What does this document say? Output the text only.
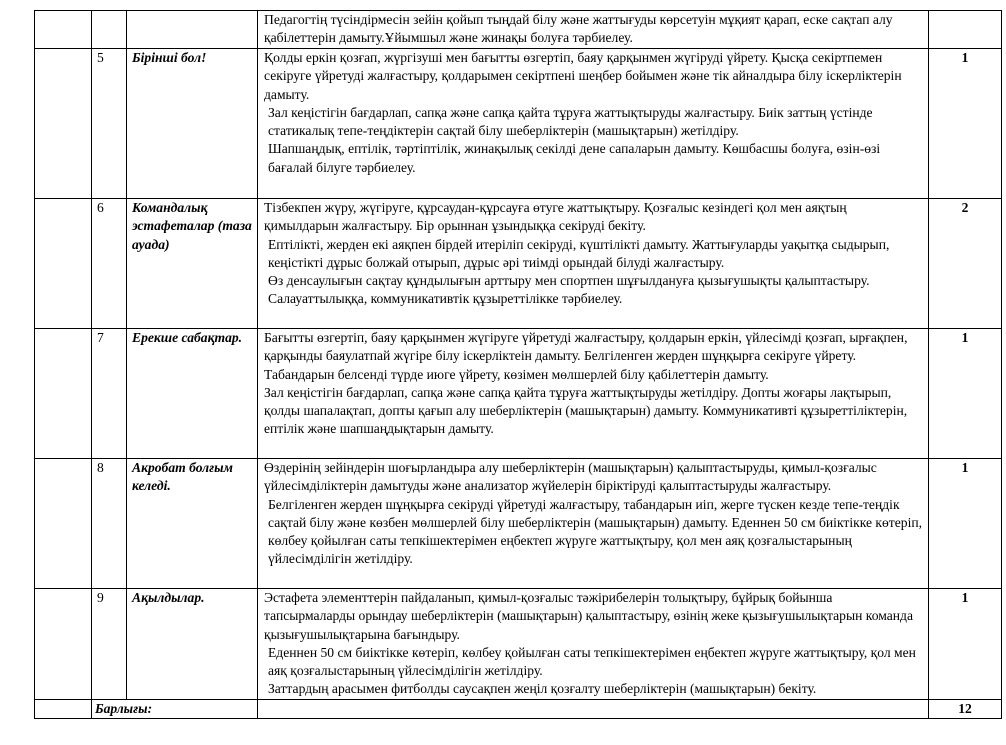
			Педагогтің түсіндірмесін зейін қойып тыңдай білу және жаттығуды көрсетуін мұқият қарап, еске сақтап алу қабілеттерін дамыту.Ұйымшыл және жинақы болуға тәрбиелеу.	

	5	Бірінші бол!	Қолды еркін қозғап, жүргізуші мен бағытты өзгертіп, баяу қарқынмен жүгіруді үйрету. Қысқа секіртпемен секіруге үйретуді жалғастыру, қолдарымен секіртпені шеңбер бойымен және тік айналдыра білу іскерліктерін дамыту.

Зал кеңістігін бағдарлап, сапқа және сапқа қайта тұруға жаттықтыруды жалғастыру. Биік заттың үстінде статикалық тепе-теңдіктерін сақтай білу шеберліктерін (машықтарын) жетілдіру.

Шапшаңдық, ептілік, тәртіптілік, жинақылық секілді дене сапаларын дамыту. Көшбасшы болуға, өзін-өзі бағалай білуге тәрбиелеу.	1
	6	Командалық эстафеталар (таза ауада)	Тізбекпен жүру, жүгіруге, құрсаудан-құрсауға өтуге жаттықтыру. Қозғалыс кезіндегі қол мен аяқтың қимылдарын жалғастыру. Бір орыннан ұзындыққа секіруді бекіту.

Ептілікті, жерден екі аяқпен бірдей итеріліп секіруді, күштілікті дамыту. Жаттығуларды уақытқа сыдырып, кеңістікті дұрыс болжай отырып, дұрыс әрі тиімді орындай білуді жалғастыру.

Өз денсаулығын сақтау құндылығын арттыру мен спортпен шұғылдануға қызығушықты қалыптастыру. Салауаттылыққа, коммуникативтік құзыреттілікке тәрбиелеу.	2
	7	Ерекше сабақтар.	Бағытты өзгертіп, баяу қарқынмен жүгіруге үйретуді жалғастыру, қолдарын еркін, үйлесімді қозғап, ырғақпен, қарқынды баяулатпай жүгіре білу іскерліктеін дамыту. Белгіленген жерден шұңқырға секіруге үйрету. Табандарын белсенді түрде июге үйрету, көзімен мөлшерлей білу қабілеттерін дамыту.

Зал кеңістігін бағдарлап, сапқа және сапқа қайта тұруға жаттықтыруды жетілдіру. Допты жоғары лақтырып, қолды шапалақтап, допты қағып алу шеберліктерін (машықтарын) дамыту. Коммуникативті құзыреттіліктерін, ептілік және шапшаңдықтарын дамыту.	1
	8	Акробат болғым келеді.	Өздерінің зейіндерін шоғырландыра алу шеберліктерін (машықтарын) қалыптастыруды, қимыл-қозғалыс үйлесімділіктерін дамытуды және анализатор жүйелерін біріктіруді қалыптастыруды жалғастыру.

Белгіленген жерден шұңқырға секіруді үйретуді жалғастыру, табандарын иіп, жерге түскен кезде тепе-теңдік сақтай білу және көзбен мөлшерлей білу шеберліктерін (машықтарын) дамыту. Еденнен 50 см биіктікке көтеріп, көлбеу қойылған саты тепкішектерімен еңбектеп жүруге жаттықтыру, қол мен аяқ қозғалыстарының үйлесімділігін жетілдіру.	1
	9	Ақылдылар.	Эстафета элементтерін пайдаланып, қимыл-қозғалыс тәжірибелерін толықтыру, бұйрық бойынша тапсырмаларды орындау шеберліктерін (машықтарын) қалыптастыру, өзінің жеке қызығушылықтарын команда қызығушылықтарына бағындыру.

Еденнен 50 см биіктікке көтеріп, көлбеу қойылған саты тепкішектерімен еңбектеп жүруге жаттықтыру, қол мен аяқ қозғалыстарының үйлесімділігін жетілдіру.

Заттардың арасымен фитболды саусақпен жеңіл қозғалту шеберліктерін (машықтарын) бекіту.	1
	Барлығы:			12
